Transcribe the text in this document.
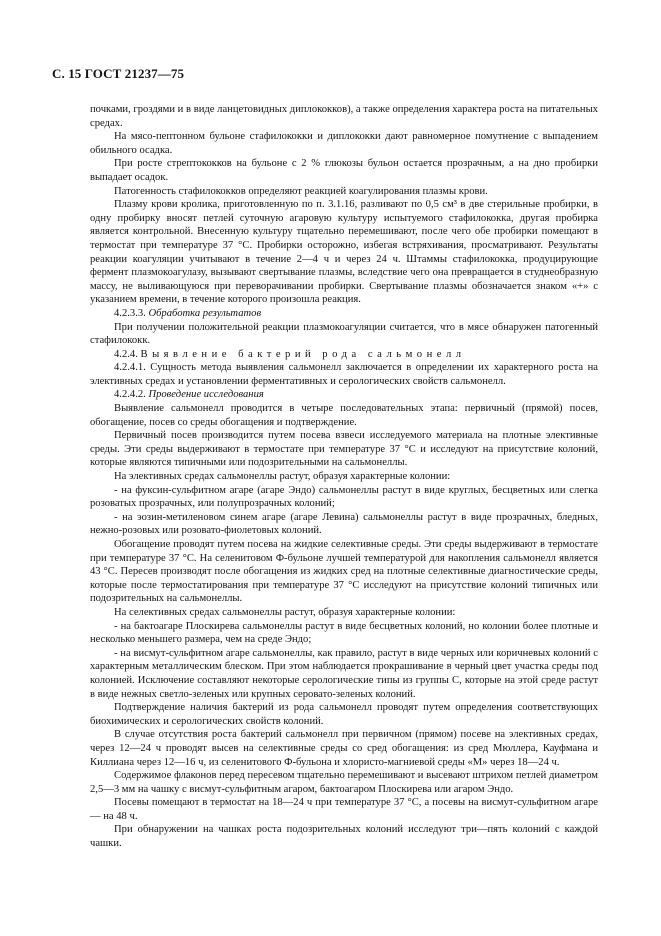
С. 15 ГОСТ 21237—75

почками, гроздями и в виде ланцетовидных диплококков), а также определения характера роста на питательных средах.

На мясо-пептонном бульоне стафилококки и диплококки дают равномерное помутнение с выпадением обильного осадка.

При росте стрептококков на бульоне с 2 % глюкозы бульон остается прозрачным, а на дно пробирки выпадает осадок.

Патогенность стафилококков определяют реакцией коагулирования плазмы крови.

Плазму крови кролика, приготовленную по п. 3.1.16, разливают по 0,5 см³ в две стерильные пробирки, в одну пробирку вносят петлей суточную агаровую культуру испытуемого стафилококка, другая пробирка является контрольной. Внесенную культуру тщательно перемешивают, после чего обе пробирки помещают в термостат при температуре 37 °С. Пробирки осторожно, избегая встряхивания, просматривают. Результаты реакции коагуляции учитывают в течение 2—4 ч и через 24 ч. Штаммы стафилококка, продуцирующие фермент плазмокоагулазу, вызывают свертывание плазмы, вследствие чего она превращается в студнеобразную массу, не выливающуюся при переворачивании пробирки. Свертывание плазмы обозначается знаком «+» с указанием времени, в течение которого произошла реакция.

4.2.3.3. Обработка результатов

При получении положительной реакции плазмокоагуляции считается, что в мясе обнаружен патогенный стафилококк.

4.2.4. Выявление бактерий рода сальмонелл

4.2.4.1. Сущность метода выявления сальмонелл заключается в определении их характерного роста на элективных средах и установлении ферментативных и серологических свойств сальмонелл.

4.2.4.2. Проведение исследования

Выявление сальмонелл проводится в четыре последовательных этапа: первичный (прямой) посев, обогащение, посев со среды обогащения и подтверждение.

Первичный посев производится путем посева взвеси исследуемого материала на плотные элективные среды. Эти среды выдерживают в термостате при температуре 37 °С и исследуют на присутствие колоний, которые являются типичными или подозрительными на сальмонеллы.

На элективных средах сальмонеллы растут, образуя характерные колонии:

- на фуксин-сульфитном агаре (агаре Эндо) сальмонеллы растут в виде круглых, бесцветных или слегка розоватых прозрачных, или полупрозрачных колоний;

- на эозин-метиленовом синем агаре (агаре Левина) сальмонеллы растут в виде прозрачных, бледных, нежно-розовых или розовато-фиолетовых колоний.

Обогащение проводят путем посева на жидкие селективные среды. Эти среды выдерживают в термостате при температуре 37 °С. На селенитовом Ф-бульоне лучшей температурой для накопления сальмонелл является 43 °С. Пересев производят после обогащения из жидких сред на плотные селективные диагностические среды, которые после термостатирования при температуре 37 °С исследуют на присутствие колоний типичных или подозрительных на сальмонеллы.

На селективных средах сальмонеллы растут, образуя характерные колонии:

- на бактоагаре Плоскирева сальмонеллы растут в виде бесцветных колоний, но колонии более плотные и несколько меньшего размера, чем на среде Эндо;

- на висмут-сульфитном агаре сальмонеллы, как правило, растут в виде черных или коричневых колоний с характерным металлическим блеском. При этом наблюдается прокрашивание в черный цвет участка среды под колонией. Исключение составляют некоторые серологические типы из группы С, которые на этой среде растут в виде нежных светло-зеленых или крупных серовато-зеленых колоний.

Подтверждение наличия бактерий из рода сальмонелл проводят путем определения соответствующих биохимических и серологических свойств колоний.

В случае отсутствия роста бактерий сальмонелл при первичном (прямом) посеве на элективных средах, через 12—24 ч проводят высев на селективные среды со сред обогащения: из сред Мюллера, Кауфмана и Киллиана через 12—16 ч, из селенитового Ф-бульона и хлористо-магниевой среды «М» через 18—24 ч.

Содержимое флаконов перед пересевом тщательно перемешивают и высевают штрихом петлей диаметром 2,5—3 мм на чашку с висмут-сульфитным агаром, бактоагаром Плоскирева или агаром Эндо.

Посевы помещают в термостат на 18—24 ч при температуре 37 °С, а посевы на висмут-сульфитном агаре — на 48 ч.

При обнаружении на чашках роста подозрительных колоний исследуют три—пять колоний с каждой чашки.
